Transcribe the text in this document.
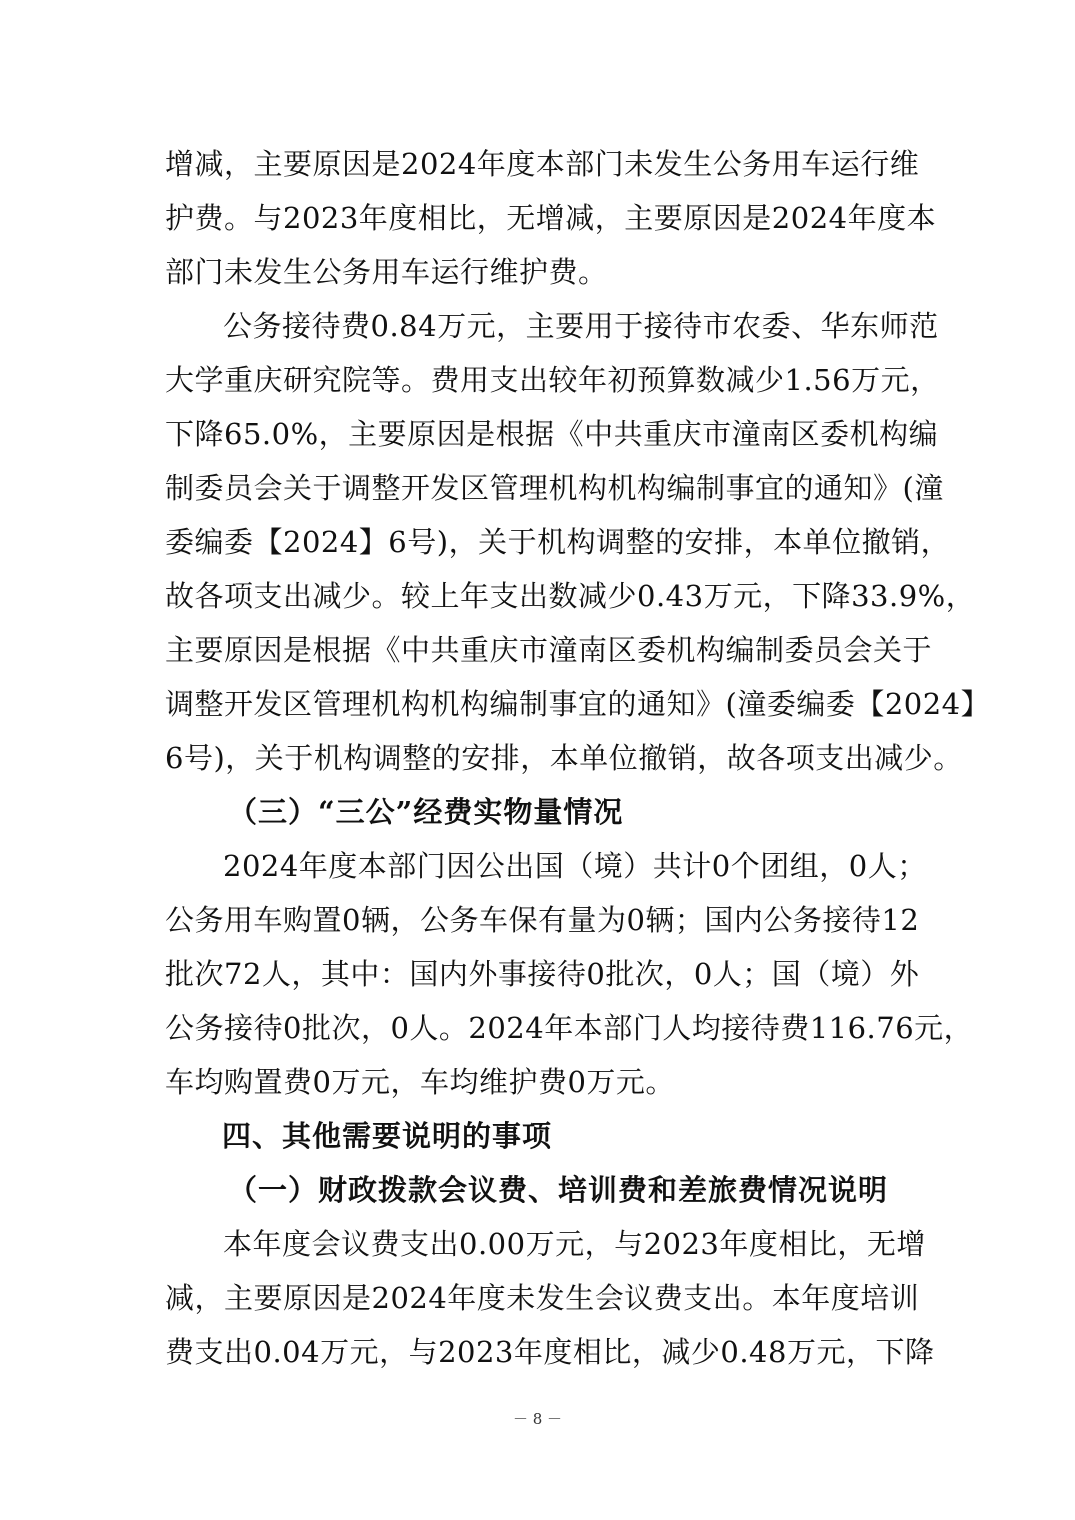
增减，主要原因是2024年度本部门未发生公务用车运行维
护费。与2023年度相比，无增减，主要原因是2024年度本
部门未发生公务用车运行维护费。
公务接待费0.84万元，主要用于接待市农委、华东师范
大学重庆研究院等。费用支出较年初预算数减少1.56万元，
下降65.0%，主要原因是根据《中共重庆市潼南区委机构编
制委员会关于调整开发区管理机构机构编制事宜的通知》(潼
委编委【2024】6号)，关于机构调整的安排，本单位撤销，
故各项支出减少。较上年支出数减少0.43万元，下降33.9%，
主要原因是根据《中共重庆市潼南区委机构编制委员会关于
调整开发区管理机构机构编制事宜的通知》(潼委编委【2024】
6号)，关于机构调整的安排，本单位撤销，故各项支出减少。
（三）“三公”经费实物量情况
2024年度本部门因公出国（境）共计0个团组，0人；
公务用车购置0辆，公务车保有量为0辆；国内公务接待12
批次72人，其中：国内外事接待0批次，0人；国（境）外
公务接待0批次，0人。2024年本部门人均接待费116.76元，
车均购置费0万元，车均维护费0万元。
四、其他需要说明的事项
（一）财政拨款会议费、培训费和差旅费情况说明
本年度会议费支出0.00万元，与2023年度相比，无增
减，主要原因是2024年度未发生会议费支出。本年度培训
费支出0.04万元，与2023年度相比，减少0.48万元，下降
－ 8 －
